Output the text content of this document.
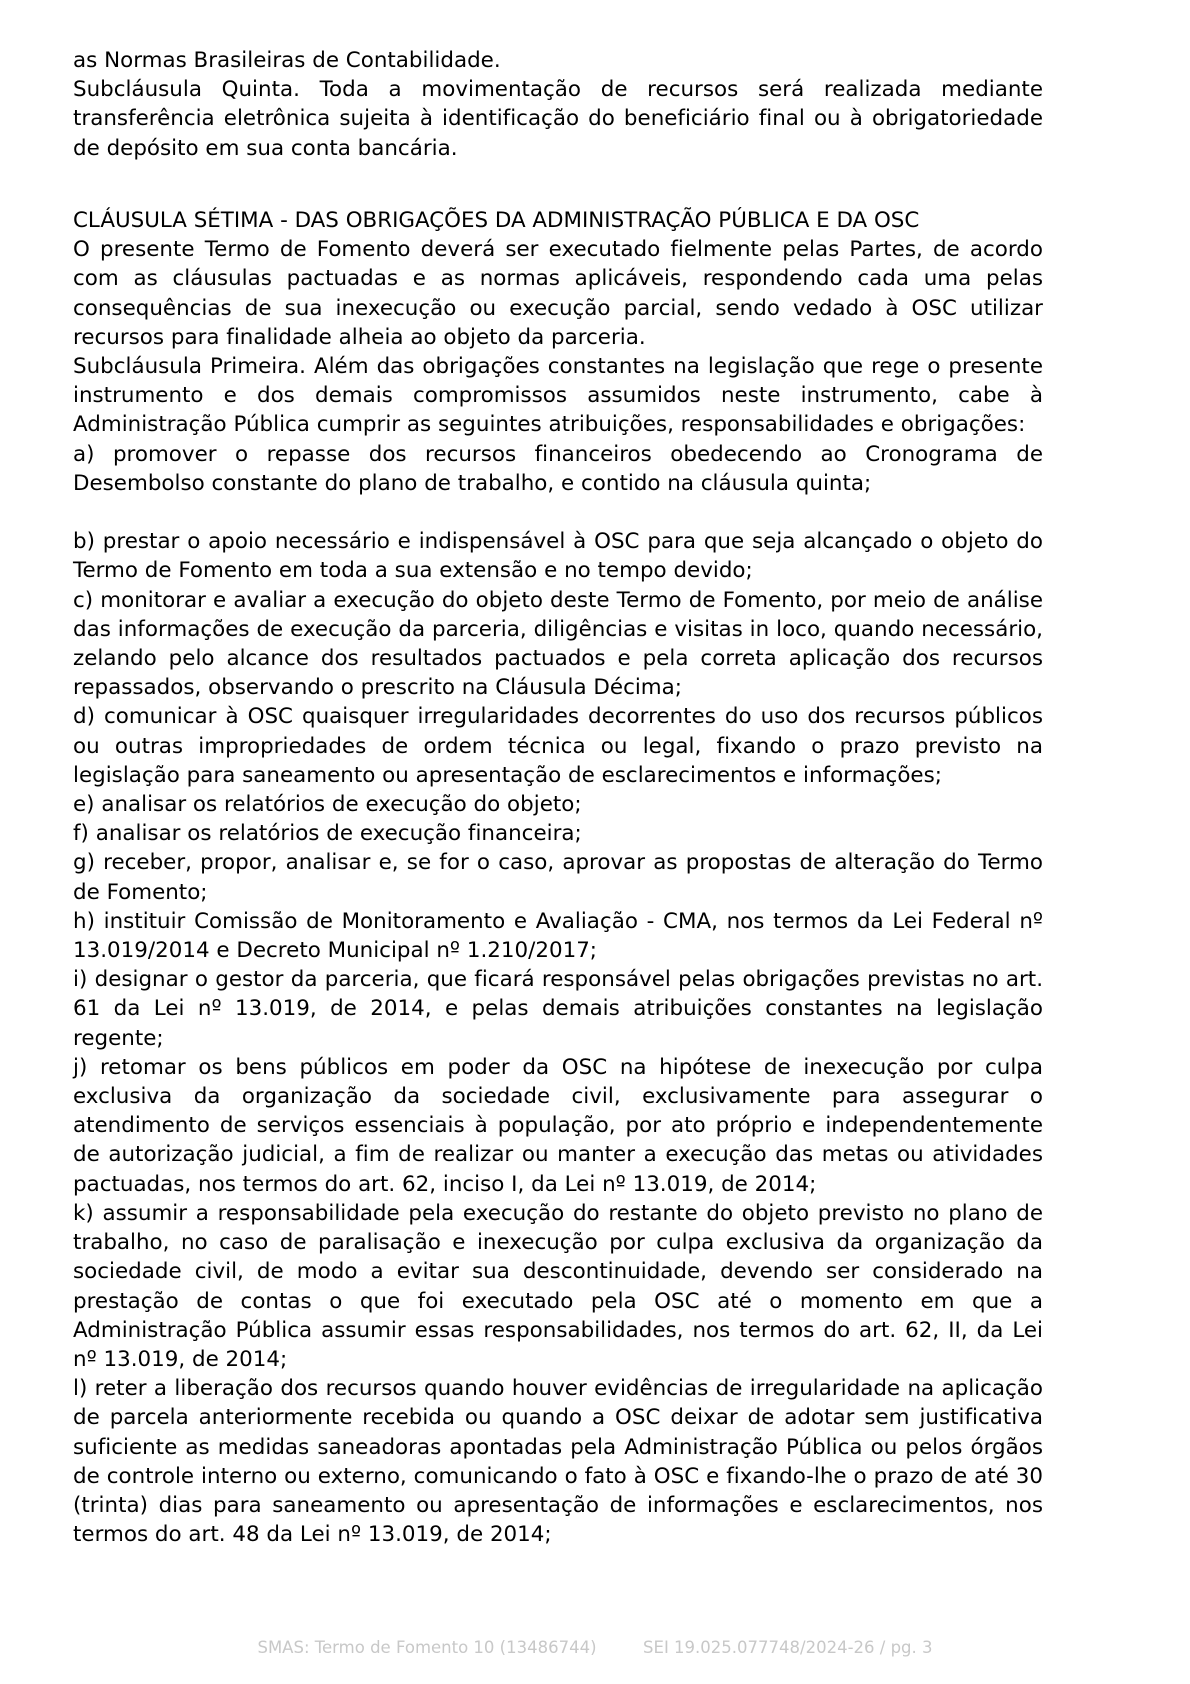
as Normas Brasileiras de Contabilidade.

Subcláusula Quinta. Toda a movimentação de recursos será realizada mediante transferência eletrônica sujeita à identificação do beneficiário final ou à obrigatoriedade de depósito em sua conta bancária.

CLÁUSULA SÉTIMA - DAS OBRIGAÇÕES DA ADMINISTRAÇÃO PÚBLICA E DA OSC

O presente Termo de Fomento deverá ser executado fielmente pelas Partes, de acordo com as cláusulas pactuadas e as normas aplicáveis, respondendo cada uma pelas consequências de sua inexecução ou execução parcial, sendo vedado à OSC utilizar recursos para finalidade alheia ao objeto da parceria.

Subcláusula Primeira. Além das obrigações constantes na legislação que rege o presente instrumento e dos demais compromissos assumidos neste instrumento, cabe à Administração Pública cumprir as seguintes atribuições, responsabilidades e obrigações:

a) promover o repasse dos recursos financeiros obedecendo ao Cronograma de Desembolso constante do plano de trabalho, e contido na cláusula quinta;

b) prestar o apoio necessário e indispensável à OSC para que seja alcançado o objeto do Termo de Fomento em toda a sua extensão e no tempo devido;

c) monitorar e avaliar a execução do objeto deste Termo de Fomento, por meio de análise das informações de execução da parceria, diligências e visitas in loco, quando necessário, zelando pelo alcance dos resultados pactuados e pela correta aplicação dos recursos repassados, observando o prescrito na Cláusula Décima;

d) comunicar à OSC quaisquer irregularidades decorrentes do uso dos recursos públicos ou outras impropriedades de ordem técnica ou legal, fixando o prazo previsto na legislação para saneamento ou apresentação de esclarecimentos e informações;

e) analisar os relatórios de execução do objeto;

f) analisar os relatórios de execução financeira;

g) receber, propor, analisar e, se for o caso, aprovar as propostas de alteração do Termo de Fomento;

h) instituir Comissão de Monitoramento e Avaliação - CMA, nos termos da Lei Federal nº 13.019/2014 e Decreto Municipal nº 1.210/2017;

i) designar o gestor da parceria, que ficará responsável pelas obrigações previstas no art. 61 da Lei nº 13.019, de 2014, e pelas demais atribuições constantes na legislação regente;

j) retomar os bens públicos em poder da OSC na hipótese de inexecução por culpa exclusiva da organização da sociedade civil, exclusivamente para assegurar o atendimento de serviços essenciais à população, por ato próprio e independentemente de autorização judicial, a fim de realizar ou manter a execução das metas ou atividades pactuadas, nos termos do art. 62, inciso I, da Lei nº 13.019, de 2014;

k) assumir a responsabilidade pela execução do restante do objeto previsto no plano de trabalho, no caso de paralisação e inexecução por culpa exclusiva da organização da sociedade civil, de modo a evitar sua descontinuidade, devendo ser considerado na prestação de contas o que foi executado pela OSC até o momento em que a Administração Pública assumir essas responsabilidades, nos termos do art. 62, II, da Lei nº 13.019, de 2014;

l) reter a liberação dos recursos quando houver evidências de irregularidade na aplicação de parcela anteriormente recebida ou quando a OSC deixar de adotar sem justificativa suficiente as medidas saneadoras apontadas pela Administração Pública ou pelos órgãos de controle interno ou externo, comunicando o fato à OSC e fixando-lhe o prazo de até 30 (trinta) dias para saneamento ou apresentação de informações e esclarecimentos, nos termos do art. 48 da Lei nº 13.019, de 2014;

SMAS: Termo de Fomento 10 (13486744)	SEI 19.025.077748/2024-26 / pg. 3
